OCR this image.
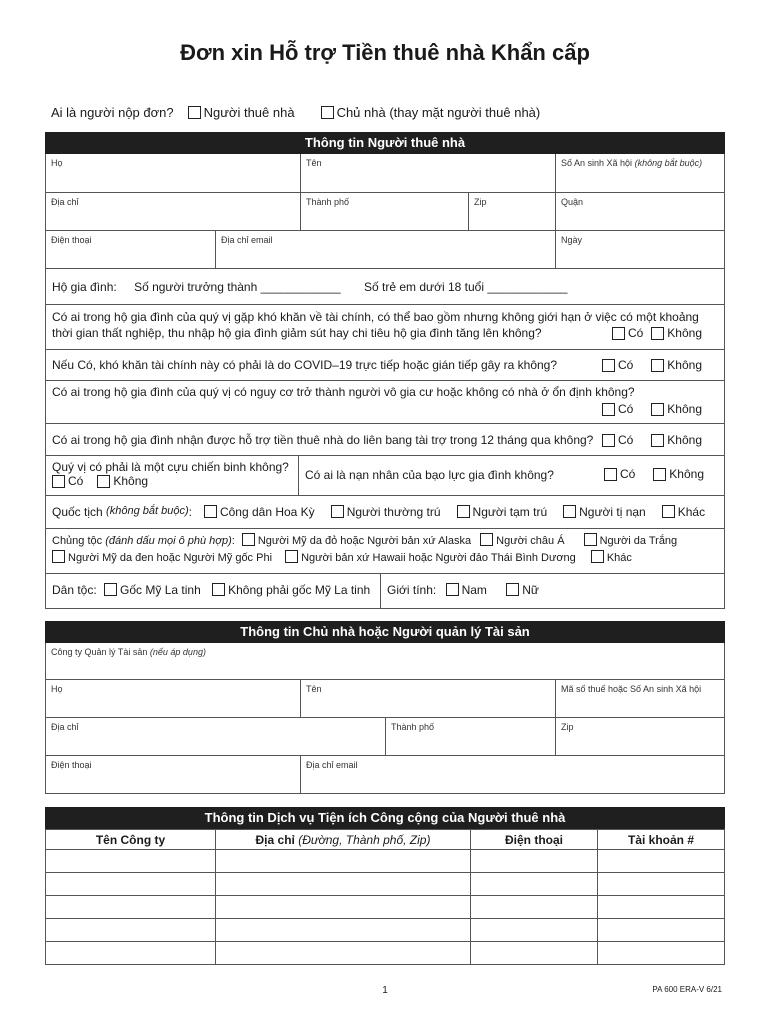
Đơn xin Hỗ trợ Tiền thuê nhà Khẩn cấp
Ai là người nộp đơn? Người thuê nhà	Chủ nhà (thay mặt người thuê nhà)
Thông tin Người thuê nhà
Họ	Tên	Số An sinh Xã hội (không bắt buộc)
Địa chỉ	Thành phố	Zip	Quận
Điện thoại	Địa chỉ email	Ngày
Hộ gia đình: Số người trưởng thành ____________ Số trẻ em dưới 18 tuổi ____________
Có ai trong hộ gia đình của quý vị gặp khó khăn về tài chính, có thể bao gồm nhưng không giới hạn ở việc có một khoảng thời gian thất nghiệp, thu nhập hộ gia đình giảm sút hay chi tiêu hộ gia đình tăng lên không?	Có Không
Nếu Có, khó khăn tài chính này có phải là do COVID–19 trực tiếp hoặc gián tiếp gây ra không?	Có	Không
Có ai trong hộ gia đình của quý vị có nguy cơ trở thành người vô gia cư hoặc không có nhà ở ổn định không?
Có	Không
Có ai trong hộ gia đình nhận được hỗ trợ tiền thuê nhà do liên bang tài trợ trong 12 tháng qua không? Có	Không
Quý vị có phải là một cựu chiến binh không?
Có	Không	Có ai là nạn nhân của bạo lực gia đình không?	Có	Không
Quốc tịch
(không bắt buộc) : Công dân Hoa Kỳ	Người thường trú	Người tạm trú	Người tị nạn	Khác
Chủng tộc (đánh dấu mọi ô phù hợp): Người Mỹ da đỏ hoặc Người bản xứ Alaska Người châu Á	Người da Trắng
Người Mỹ da đen hoặc Người Mỹ gốc Phi	Người bản xứ Hawaii hoặc Người đảo Thái Bình Dương	Khác
Dân tộc: Gốc Mỹ La tinh Không phải gốc Mỹ La tinh	Giới tính: Nam	Nữ
Thông tin Chủ nhà hoặc Người quản lý Tài sản
Công ty Quản lý Tài sản (nếu áp dụng)
Họ	Tên	Mã số thuế hoặc Số An sinh Xã hội
Địa chỉ	Thành phố	Zip
Điện thoại	Địa chỉ email
Thông tin Dịch vụ Tiện ích Công cộng của Người thuê nhà
Tên Công ty	Địa chỉ (Đường, Thành phố, Zip)	Điện thoại	Tài khoản #

1	PA 600 ERA-V 6/21
